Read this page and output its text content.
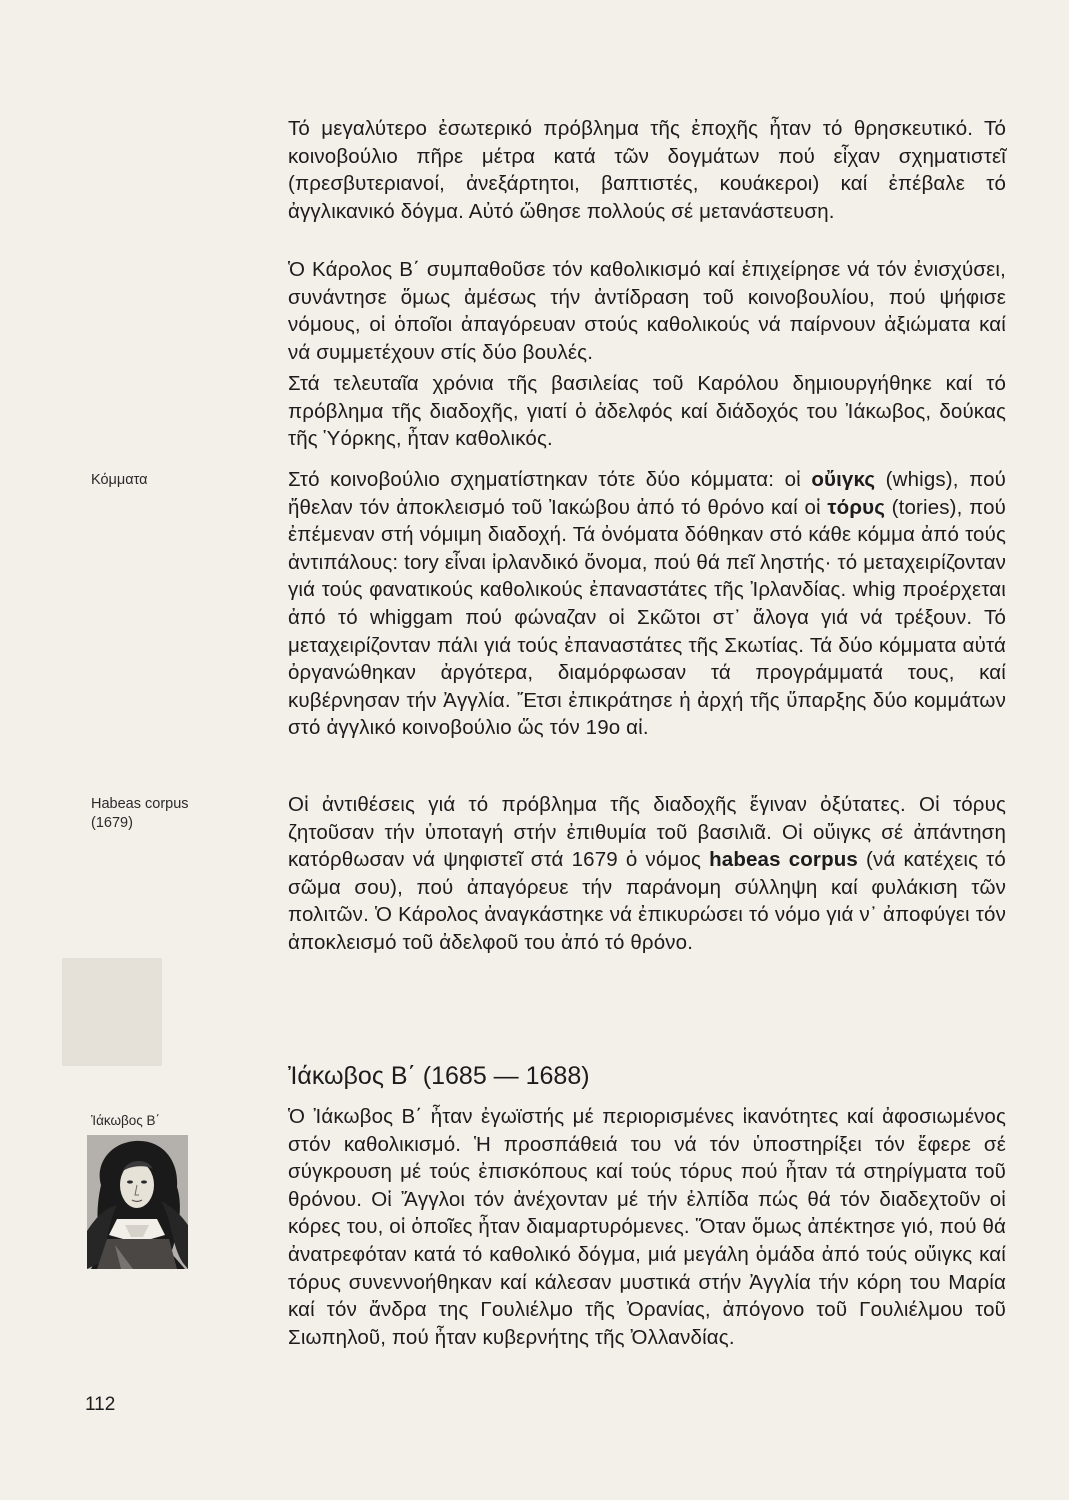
Κόμματα
Habeas corpus
(1679)
Ἰάκωβος Β΄

Τό μεγαλύτερο ἐσωτερικό πρόβλημα τῆς ἐποχῆς ἦταν τό θρησκευτικό. Τό κοινοβούλιο πῆρε μέτρα κατά τῶν δογμάτων πού εἶχαν σχηματιστεῖ (πρεσβυτεριανοί, ἀνεξάρτητοι, βαπτιστές, κουάκεροι) καί ἐπέβαλε τό ἀγγλικανικό δόγμα. Αὐτό ὤθησε πολλούς σέ μετανάστευση.

Ὁ Κάρολος Β΄ συμπαθοῦσε τόν καθολικισμό καί ἐπιχείρησε νά τόν ἐνισχύσει, συνάντησε ὅμως ἀμέσως τήν ἀντίδραση τοῦ κοινοβουλίου, πού ψήφισε νόμους, οἱ ὁποῖοι ἀπαγόρευαν στούς καθολικούς νά παίρνουν ἀξιώματα καί νά συμμετέχουν στίς δύο βουλές.

Στά τελευταῖα χρόνια τῆς βασιλείας τοῦ Καρόλου δημιουργήθηκε καί τό πρόβλημα τῆς διαδοχῆς, γιατί ὁ ἀδελφός καί διάδοχός του Ἰάκωβος, δούκας τῆς Ὑόρκης, ἦταν καθολικός.

Στό κοινοβούλιο σχηματίστηκαν τότε δύο κόμματα: οἱ οὔιγκς (whigs), πού ἤθελαν τόν ἀποκλεισμό τοῦ Ἰακώβου ἀπό τό θρόνο καί οἱ τόρυς (tories), πού ἐπέμεναν στή νόμιμη διαδοχή. Τά ὀνόματα δόθηκαν στό κάθε κόμμα ἀπό τούς ἀντιπάλους: tory εἶναι ἰρλανδικό ὄνομα, πού θά πεῖ ληστής· τό μεταχειρίζονταν γιά τούς φανατικούς καθολικούς ἐπαναστάτες τῆς Ἰρλανδίας. whig προέρχεται ἀπό τό whiggam πού φώναζαν οἱ Σκῶτοι στ᾿ ἄλογα γιά νά τρέξουν. Τό μεταχειρίζονταν πάλι γιά τούς ἐπαναστάτες τῆς Σκωτίας. Τά δύο κόμματα αὐτά ὀργανώθηκαν ἀργότερα, διαμόρφωσαν τά προγράμματά τους, καί κυβέρνησαν τήν Ἀγγλία. Ἔτσι ἐπικράτησε ἡ ἀρχή τῆς ὕπαρξης δύο κομμάτων στό ἀγγλικό κοινοβούλιο ὥς τόν 19ο αἰ.

Οἱ ἀντιθέσεις γιά τό πρόβλημα τῆς διαδοχῆς ἔγιναν ὀξύτατες. Οἱ τόρυς ζητοῦσαν τήν ὑποταγή στήν ἐπιθυμία τοῦ βασιλιᾶ. Οἱ οὔιγκς σέ ἀπάντηση κατόρθωσαν νά ψηφιστεῖ στά 1679 ὁ νόμος habeas corpus (νά κατέχεις τό σῶμα σου), πού ἀπαγόρευε τήν παράνομη σύλληψη καί φυλάκιση τῶν πολιτῶν. Ὁ Κάρολος ἀναγκάστηκε νά ἐπικυρώσει τό νόμο γιά ν᾿ ἀποφύγει τόν ἀποκλεισμό τοῦ ἀδελφοῦ του ἀπό τό θρόνο.

Ἰάκωβος Β΄ (1685 — 1688)

Ὁ Ἰάκωβος Β΄ ἦταν ἐγωϊστής μέ περιορισμένες ἱκανότητες καί ἀφοσιωμένος στόν καθολικισμό. Ἡ προσπάθειά του νά τόν ὑποστηρίξει τόν ἔφερε σέ σύγκρουση μέ τούς ἐπισκόπους καί τούς τόρυς πού ἦταν τά στηρίγματα τοῦ θρόνου. Οἱ Ἄγγλοι τόν ἀνέχονταν μέ τήν ἐλπίδα πώς θά τόν διαδεχτοῦν οἱ κόρες του, οἱ ὁποῖες ἦταν διαμαρτυρόμενες. Ὅταν ὅμως ἀπέκτησε γιό, πού θά ἀνατρεφόταν κατά τό καθολικό δόγμα, μιά μεγάλη ὁμάδα ἀπό τούς οὔιγκς καί τόρυς συνεννοήθηκαν καί κάλεσαν μυστικά στήν Ἀγγλία τήν κόρη του Μαρία καί τόν ἄνδρα της Γουλιέλμο τῆς Ὀρανίας, ἀπόγονο τοῦ Γουλιέλμου τοῦ Σιωπηλοῦ, πού ἦταν κυβερνήτης τῆς Ὀλλανδίας.

112
